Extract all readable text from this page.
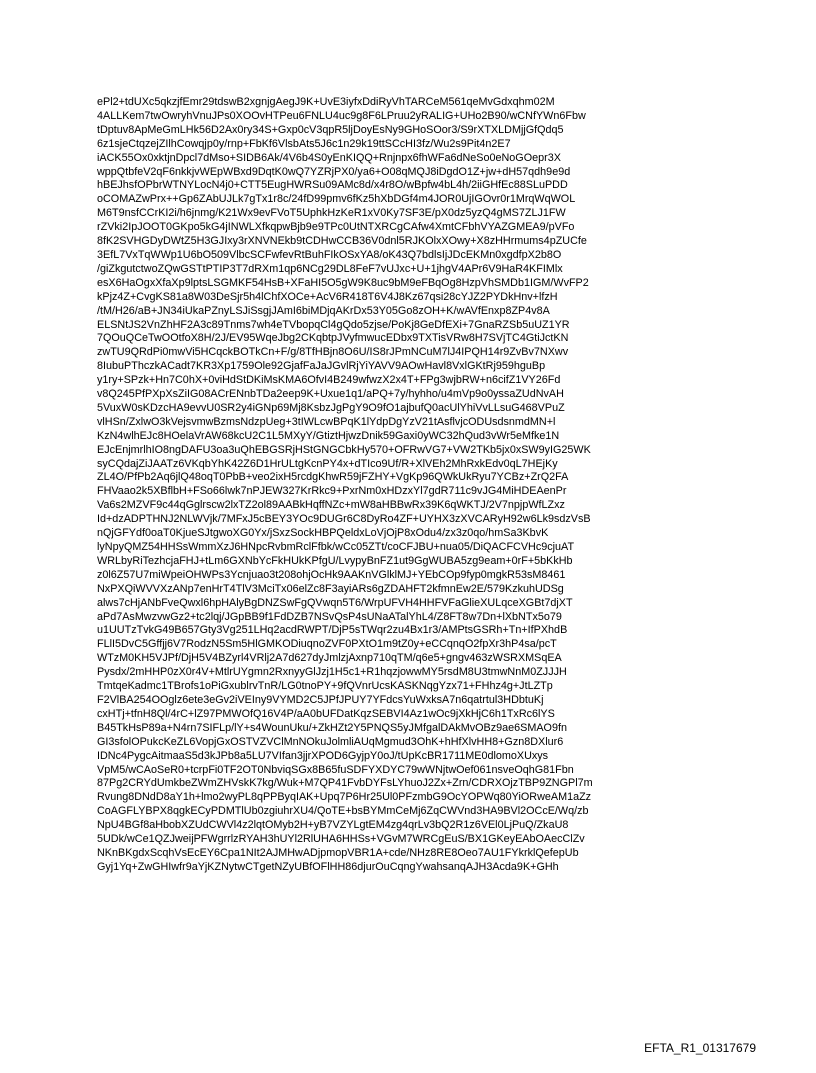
ePl2+tdUXc5qkzjfEmr29tdswB2xgnjgAegJ9K+UvE3iyfxDdiRyVhTARCeM561qeMvGdxqhm02M
4ALLKem7twOwryhVnuJPs0XOOvHTPeu6FNLU4uc9g8F6LPruu2yRALIG+UHo2B90/wCNfYWn6Fbw
tDptuv8ApMeGmLHk56D2Ax0ry34S+Gxp0cV3qpR5ljDoyEsNy9GHoSOor3/S9rXTXLDMjjGfQdq5
6z1sjeCtqzejZIlhCowqjp0y/rnp+FbKf6VlsbAts5J6c1n29k19ttSCcHI3fz/Wu2s9Pit4n2E7
iACK55Ox0xktjnDpcl7dMso+SIDB6Ak/4V6b4S0yEnKIQQ+Rnjnpx6fhWFa6dNeSo0eNoGOepr3X
wppQtbfeV2qF6nkkjvWEpWBxd9DqtK0wQ7YZRjPX0/ya6+O08qMQJ8iDgdO1Z+jw+dH57qdh9e9d
hBEJhsfOPbrWTNYLocN4j0+CTT5EugHWRSu09AMc8d/x4r8O/wBpfw4bL4h/2iiGHfEc88SLuPDD
oCOMAZwPrx++Gp6ZAbUJLk7gTx1r8c/24fD99pmv6fKz5hXbDGf4m4JOR0UjIGOvr0r1MrqWqWOL
M6T9nsfCCrKI2i/h6jnmg/K21Wx9evFVoT5UphkHzKeR1xV0Ky7SF3E/pX0dz5yzQ4gMS7ZLJ1FW
rZVki2IpJOOT0GKpo5kG4jINWLXfkqpwBjb9e9TPc0UtNTXRCgCAfw4XmtCFbhVYAZGMEA9/pVFo
8fK2SVHGDyDWtZ5H3GJIxy3rXNVNEkb9tCDHwCCB36V0dnl5RJKOlxXOwy+X8zHHrmums4pZUCfe
3EfL7VxTqWWp1U6bO509VlbcSCFwfevRtBuhFIkOSxYA8/oK43Q7bdlsIjJDcEKMn0xgdfpX2b8O
/giZkgutctwoZQwGSTtPTIP3T7dRXm1qp6NCg29DL8FeF7vUJxc+U+1jhgV4APr6V9HaR4KFIMlx
esX6HaOgxXfaXp9lptsLSGMKF54HsB+XFaHI5O5gW9K8uc9bM9eFBqOg8HzpVhSMDb1IGM/WvFP2
kPjz4Z+CvgKS81a8W03DeSjr5h4lChfXOCe+AcV6R418T6V4J8Kz67qsi28cYJZ2PYDkHnv+lfzH
/tM/H26/aB+JN34iUkaPZnyLSJiSsgjJAmI6biMDjqAKrDx53Y05Go8zOH+K/wAVfEnxp8ZP4v8A
ELSNtJS2VnZhHF2A3c89Tnms7wh4eTVbopqCl4gQdo5zjse/PoKj8GeDfEXi+7GnaRZSb5uUZ1YR
7QOuQCeTwOOtfoX8H/2J/EV95WqeJbg2CKqbtpJVyfmwucEDbx9TXTisVRw8H7SVjTC4GtiJctKN
zwTU9QRdPi0mwVi5HCqckBOTkCn+F/g/8TfHBjn8O6U/IS8rJPmNCuM7lJ4IPQH14r9ZvBv7NXwv
8IubuPThczkACadt7KR3Xp1759Ole92GjafFaJaJGvlRjYiYAVV9AOwHavl8VxlGKtRj959hguBp
y1ry+SPzk+Hn7C0hX+0viHdStDKiMsKMA6OfvI4B249wfwzX2x4T+FPg3wjbRW+n6cifZ1VY26Fd
v8Q245PfPXpXsZiIG08ACrENnbTDa2eep9K+Uxue1q1/aPQ+7y/hyhho/u4mVp9o0yssaZUdNvAH
5VuxW0sKDzcHA9evvU0SR2y4iGNp69Mj8KsbzJgPgY9O9fO1ajbufQ0acUlYhiVvLLsuG468VPuZ
vlHSn/ZxlwO3kVejsvmwBzmsNdzpUeg+3tIWLcwBPqK1lYdpDgYzV21tAsflvjcODUsdsnmdMN+l
KzN4wlhEJc8HOelaVrAW68kcU2C1L5MXyY/GtiztHjwzDnik59Gaxi0yWC32hQud3vWr5eMfke1N
EJcEnjmrlhIO8ngDAFU3oa3uQhEBGSRjHStGNGCbkHy570+OFRwVG7+VW2TKb5jx0xSW9yIG25WK
syCQdajZiJAATz6VKqbYhK42Z6D1HrULtgKcnPY4x+dTIco9Uf/R+XlVEh2MhRxkEdv0qL7HEjKy
ZL4O/PfPb2Aq6jlQ48oqT0PbB+veo2ixH5rcdgKhwR59jFZHY+VgKp96QWkUkRyu7YCBz+ZrQ2FA
FHVaao2k5XBflbH+FSo66lwk7nPJEW327KrRkc9+PxrNm0xHDzxYl7gdR711c9vJG4MiHDEAenPr
Va6s2MZVF9c44qGglrscw2lxTZ2ol89AABkHqffNZc+mW8aHBBwRx39K6qWKTJ/2V7npjpWfLZxz
Id+dzADPTHNJ2NLWVjk/7MFxJ5cBEY3YOc9DUGr6C8DyRo4ZF+UYHX3zXVCARyH92w6Lk9sdzVsB
nQjGFYdf0oaT0KjueSJtgwoXG0Yx/jSxzSockHBPQeldxLoVjOjP8xOdu4/zx3z0qo/hmSa3KbvK
lyNpyQMZ54HHSsWmmXzJ6HNpcRvbmRclFfbk/wCc05ZTt/coCFJBU+nua05/DiQACFCVHc9cjuAT
WRLbyRiTezhcjaFHJ+tLm6GXNbYcFkHUkKPfgU/LvypyBnFZ1ut9GgWUBA5zg9eam+0rF+5bKkHb
z0l6Z57U7miWpeiOHWPs3Ycnjuao3t208ohjOcHk9AAKnVGlklMJ+YEbCOp9fyp0mgkR53sM8461
NxPXQiWVVXzANp7enHrT4TlV3MciTx06elZc8F3ayiARs6gZDAHFT2kfmnEw2E/579KzkuhUDSg
alws7cHjANbFveQwxl6hpHAlyBgDNZSwFgQVwqn5T6/WrpUFVH4HHFVFaGlieXULqceXGBt7djXT
aPd7AsMwzvwGz2+tc2lqj/JGpBB9f1FdDZB7NSvQsP4sUNaATalYhL4/Z8FT8w7Dn+lXbNTx5o79
u1UUTzTvkG49B657Gty3Vg251LHq2acdRWPT/DjP5sTWqr2zu4Bx1r3/AMPtsGSRh+Tn+IfPXhdB
FLlI5DvC5Gffjj6V7RodzN5Sm5HlGMKODiuqnoZVF0PXtO1m9tZ0y+eCCqnqO2fpXr3hP4sa/pcT
WTzM0KH5VJPf/DjH5V4BZyrl4VRlj2A7d627dyJmlzjAxnp710qTM/q6e5+gngv463zWSRXMSqEA
Pysdx/2mHHP0zX0r4V+MtlrUYgmn2RxnyyGlJzj1H5c1+R1hqzjowwMY5rsdM8U3tmwNnM0ZJJJH
TmtqeKadmc1TBrofs1oPiGxublrvTnR/LG0tnoPY+9fQVnrUcsKASKNqgYzx71+FHhz4g+JtLZTp
F2VlBA254OOglz6ete3eGv2iVEIny9VYMD2C5JPfJPUY7YFdcsYuWxksA7n6qatrtul3HDbtuKj
cxHTj+tfnH8Ql/4rC+lZ97PMWOfQ16V4P/aA0bUFDatKqzSEBVI4Az1wOc9jXkHjC6h1TxRc6lYS
B45TkHsP89a+N4rn7SIFLp/lY+s4WounUku/+ZkHZt2Y5PNQS5yJMfgalDAkMvOBz9ae6SMAO9fn
GI3sfolOPukcKeZL6VopjGxOSTVZVClMnNOkuJolmliAUqMgmud3OhK+hHfXlvHH8+Gzn8DXlur6
IDNc4PygcAitmaaS5d3kJPb8a5LU7VIfan3jjrXPOD6GyjpY0oJ/tUpKcBR1711ME0dlomoXUxys
VpM5/wCAoSeR0+tcrpFi0TF2OT0NbviqSGx8B65fuSDFYXDYC79wWNjtwOef061nsveOqhG81Fbn
87Pg2CRYdUmkbeZWmZHVskK7kg/Wuk+M7QP41FvbDYFsLYhuoJ2Zx+Zrn/CDRXOjzTBP9ZNGPl7m
Rvung8DNdD8aY1h+lmo2wyPL8qPPByqIAK+Upq7P6Hr25Ul0PFzmbG9OcYOPWq80YiORweAM1aZz
CoAGFLYBPX8qgkECyPDMTlUb0zgiuhrXU4/QoTE+bsBYMmCeMj6ZqCWVnd3HA9BVl2OCcE/Wq/zb
NpU4BGf8aHbobXZUdCWVl4z2lqtOMyb2H+yB7VZYLgtEM4zg4qrLv3bQ2R1z6VEl0LjPuQ/ZkaU8
5UDk/wCe1QZJweijPFWgrrlzRYAH3hUYl2RlUHA6HHSs+VGvM7WRCgEuS/BX1GKeyEAbOAecClZv
NKnBKgdxScqhVsEcEY6Cpa1NIt2AJMHwADjpmopVBR1A+cde/NHz8RE8Oeo7AU1FYkrklQefepUb
Gyj1Yq+ZwGHIwfr9aYjKZNytwCTgetNZyUBfOFlHH86djurOuCqngYwahsanqAJH3Acda9K+GHh
EFTA_R1_01317679
